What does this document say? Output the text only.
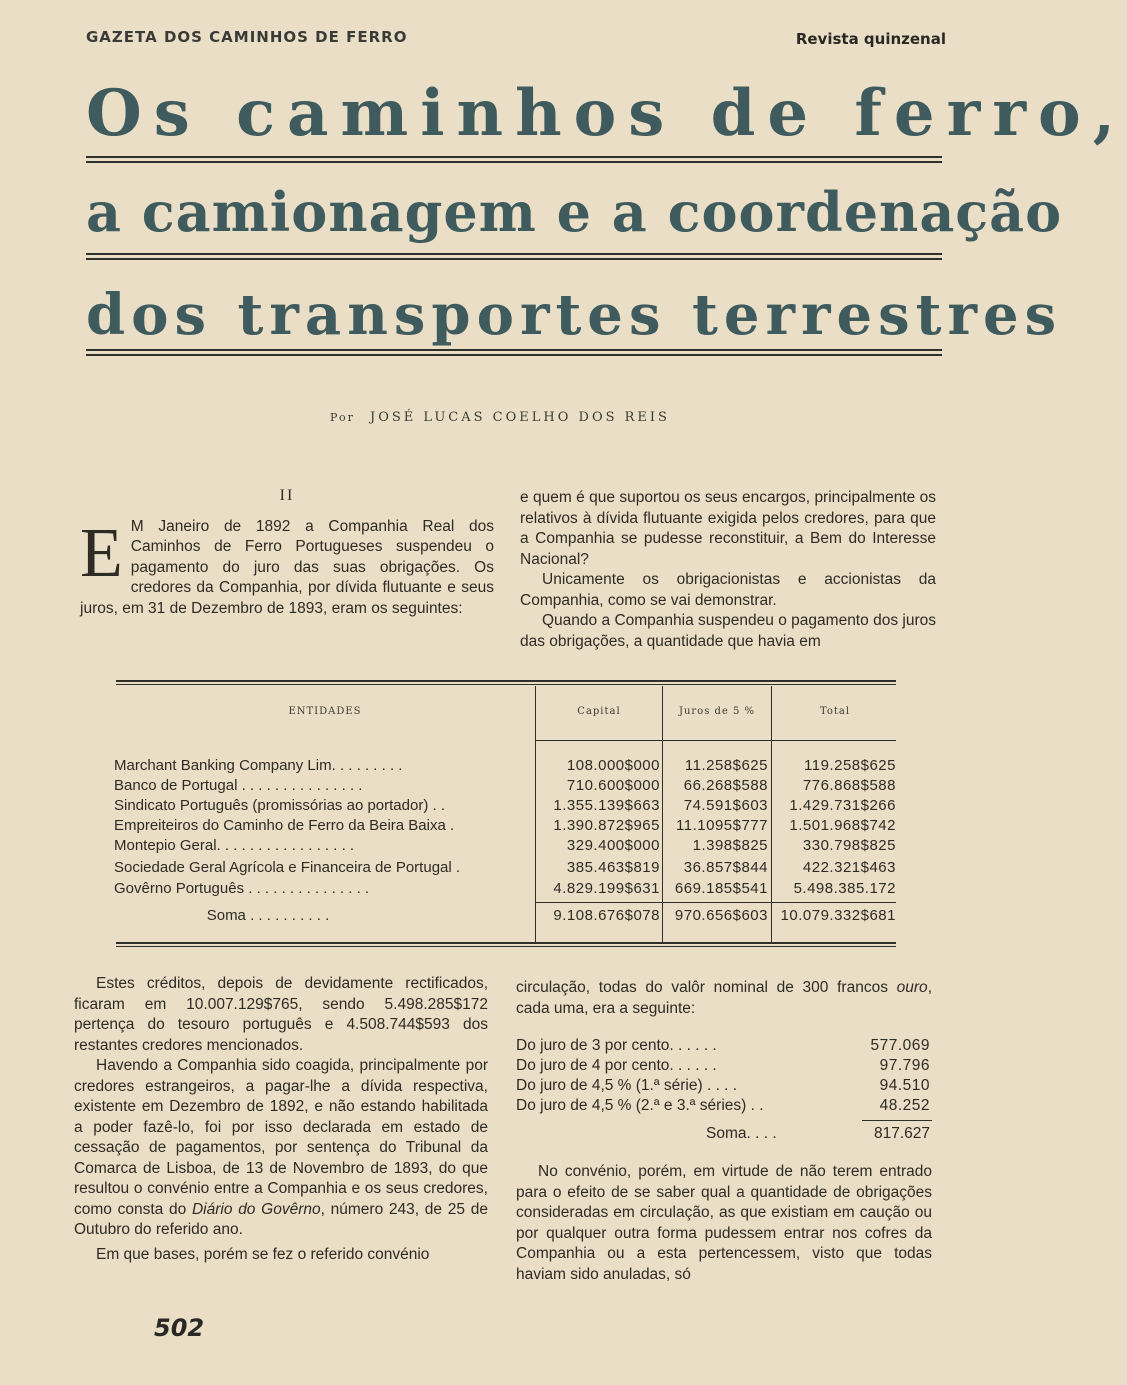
GAZETA DOS CAMINHOS DE FERRO	Revista quinzenal
Os caminhos de ferro,
a camionagem e a coordenação
dos transportes terrestres
Por JOSÉ LUCAS COELHO DOS REIS

II

E M Janeiro de 1892 a Companhia Real dos Caminhos de Ferro Portugueses suspendeu o pagamento do juro das suas obrigações. Os credores da Companhia, por dívida flutuante e seus juros, em 31 de Dezembro de 1893, eram os seguintes:

e quem é que suportou os seus encargos, principalmente os relativos à dívida flutuante exigida pelos credores, para que a Companhia se pudesse reconstituir, a Bem do Interesse Nacional?

Unicamente os obrigacionistas e accionistas da Companhia, como se vai demonstrar.

Quando a Companhia suspendeu o pagamento dos juros das obrigações, a quantidade que havia em

ENTIDADES	Capital	Juros de 5 %	Total
Marchant Banking Company Lim. . . . . . . . .	108.000$000	11.258$625	119.258$625
Banco de Portugal . . . . . . . . . . . . . . .	710.600$000	66.268$588	776.868$588
Sindicato Português (promissórias ao portador) . .	1.355.139$663	74.591$603	1.429.731$266
Empreiteiros do Caminho de Ferro da Beira Baixa .	1.390.872$965	11.1095$777	1.501.968$742
Montepio Geral. . . . . . . . . . . . . . . . .	329.400$000	1.398$825	330.798$825
Sociedade Geral Agrícola e Financeira de Portugal .	385.463$819	36.857$844	422.321$463
Govêrno Português . . . . . . . . . . . . . . .	4.829.199$631 669.185$541	5.498.385.172
Soma . . . . . . . . . .	9.108.676$078 970.656$603 10.079.332$681

Estes créditos, depois de devidamente rectificados, ficaram em 10.007.129$765, sendo 5.498.285$172 pertença do tesouro português e 4.508.744$593 dos restantes credores mencionados.

Havendo a Companhia sido coagida, principalmente por credores estrangeiros, a pagar-lhe a dívida respectiva, existente em Dezembro de 1892, e não estando habilitada a poder fazê-lo, foi por isso declarada em estado de cessação de pagamentos, por sentença do Tribunal da Comarca de Lisboa, de 13 de Novembro de 1893, do que resultou o convénio entre a Companhia e os seus credores, como consta do Diário do Govêrno, número 243, de 25 de Outubro do referido ano.

Em que bases, porém se fez o referido convénio

circulação, todas do valôr nominal de 300 francos ouro, cada uma, era a seguinte:

Do juro de 3 por cento. . . . . .	577.069
Do juro de 4 por cento. . . . . .	97.796
Do juro de 4,5 % (1.ª série) . . . .	94.510
Do juro de 4,5 % (2.ª e 3.ª séries) . .	48.252
Soma. . . .	817.627

No convénio, porém, em virtude de não terem entrado para o efeito de se saber qual a quantidade de obrigações consideradas em circulação, as que existiam em caução ou por qualquer outra forma pudessem entrar nos cofres da Companhia ou a esta pertencessem, visto que todas haviam sido anuladas, só

502
